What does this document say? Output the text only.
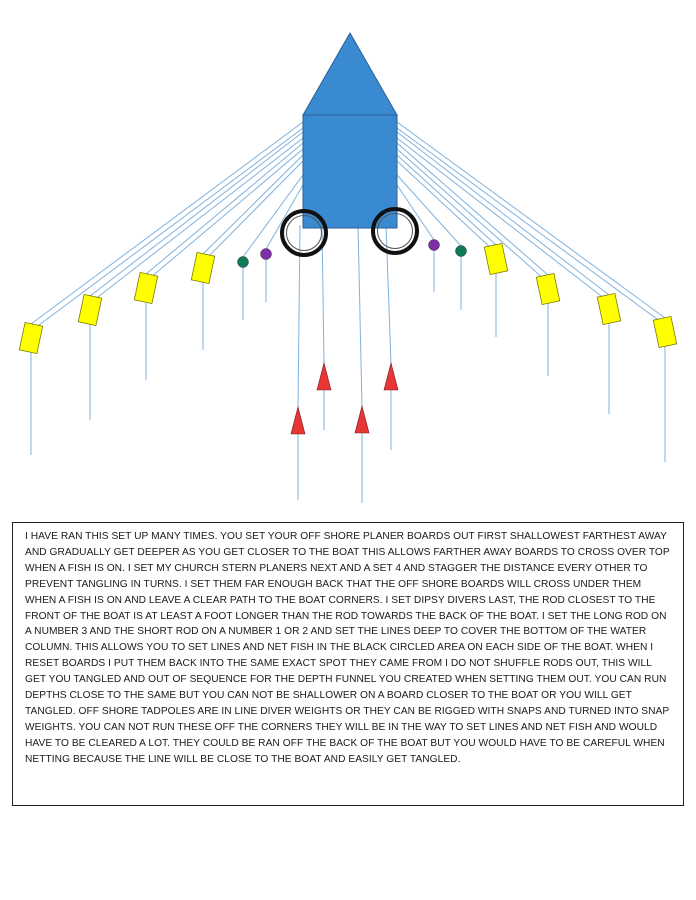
I HAVE RAN THIS SET UP MANY TIMES. YOU SET YOUR OFF SHORE PLANER BOARDS OUT FIRST SHALLOWEST FARTHEST AWAY AND GRADUALLY GET DEEPER AS YOU GET CLOSER TO THE BOAT THIS ALLOWS FARTHER AWAY BOARDS TO CROSS OVER TOP WHEN A FISH IS ON. I SET MY CHURCH STERN PLANERS NEXT AND A SET 4 AND STAGGER THE DISTANCE EVERY OTHER TO PREVENT TANGLING IN TURNS. I SET THEM FAR ENOUGH BACK THAT THE OFF SHORE BOARDS WILL CROSS UNDER THEM WHEN A FISH IS ON AND LEAVE A CLEAR PATH TO THE BOAT CORNERS. I SET DIPSY DIVERS LAST, THE ROD CLOSEST TO THE FRONT OF THE BOAT IS AT LEAST A FOOT LONGER THAN THE ROD TOWARDS THE BACK OF THE BOAT. I SET THE LONG ROD ON A NUMBER 3 AND THE SHORT ROD ON A NUMBER 1 OR 2 AND SET THE LINES DEEP TO COVER THE BOTTOM OF THE WATER COLUMN. THIS ALLOWS YOU TO SET LINES AND NET FISH IN THE BLACK CIRCLED AREA ON EACH SIDE OF THE BOAT. WHEN I RESET BOARDS I PUT THEM BACK INTO THE SAME EXACT SPOT THEY CAME FROM I DO NOT SHUFFLE RODS OUT, THIS WILL GET YOU TANGLED AND OUT OF SEQUENCE FOR THE DEPTH FUNNEL YOU CREATED WHEN SETTING THEM OUT. YOU CAN RUN DEPTHS CLOSE TO THE SAME BUT YOU CAN NOT BE SHALLOWER ON A BOARD CLOSER TO THE BOAT OR YOU WILL GET TANGLED. OFF SHORE TADPOLES ARE IN LINE DIVER WEIGHTS OR THEY CAN BE RIGGED WITH SNAPS AND TURNED INTO SNAP WEIGHTS. YOU CAN NOT RUN THESE OFF THE CORNERS THEY WILL BE IN THE WAY TO SET LINES AND NET FISH AND WOULD HAVE TO BE CLEARED A LOT. THEY COULD BE RAN OFF THE BACK OF THE BOAT BUT YOU WOULD HAVE TO BE CAREFUL WHEN NETTING BECAUSE THE LINE WILL BE CLOSE TO THE BOAT AND EASILY GET TANGLED.
